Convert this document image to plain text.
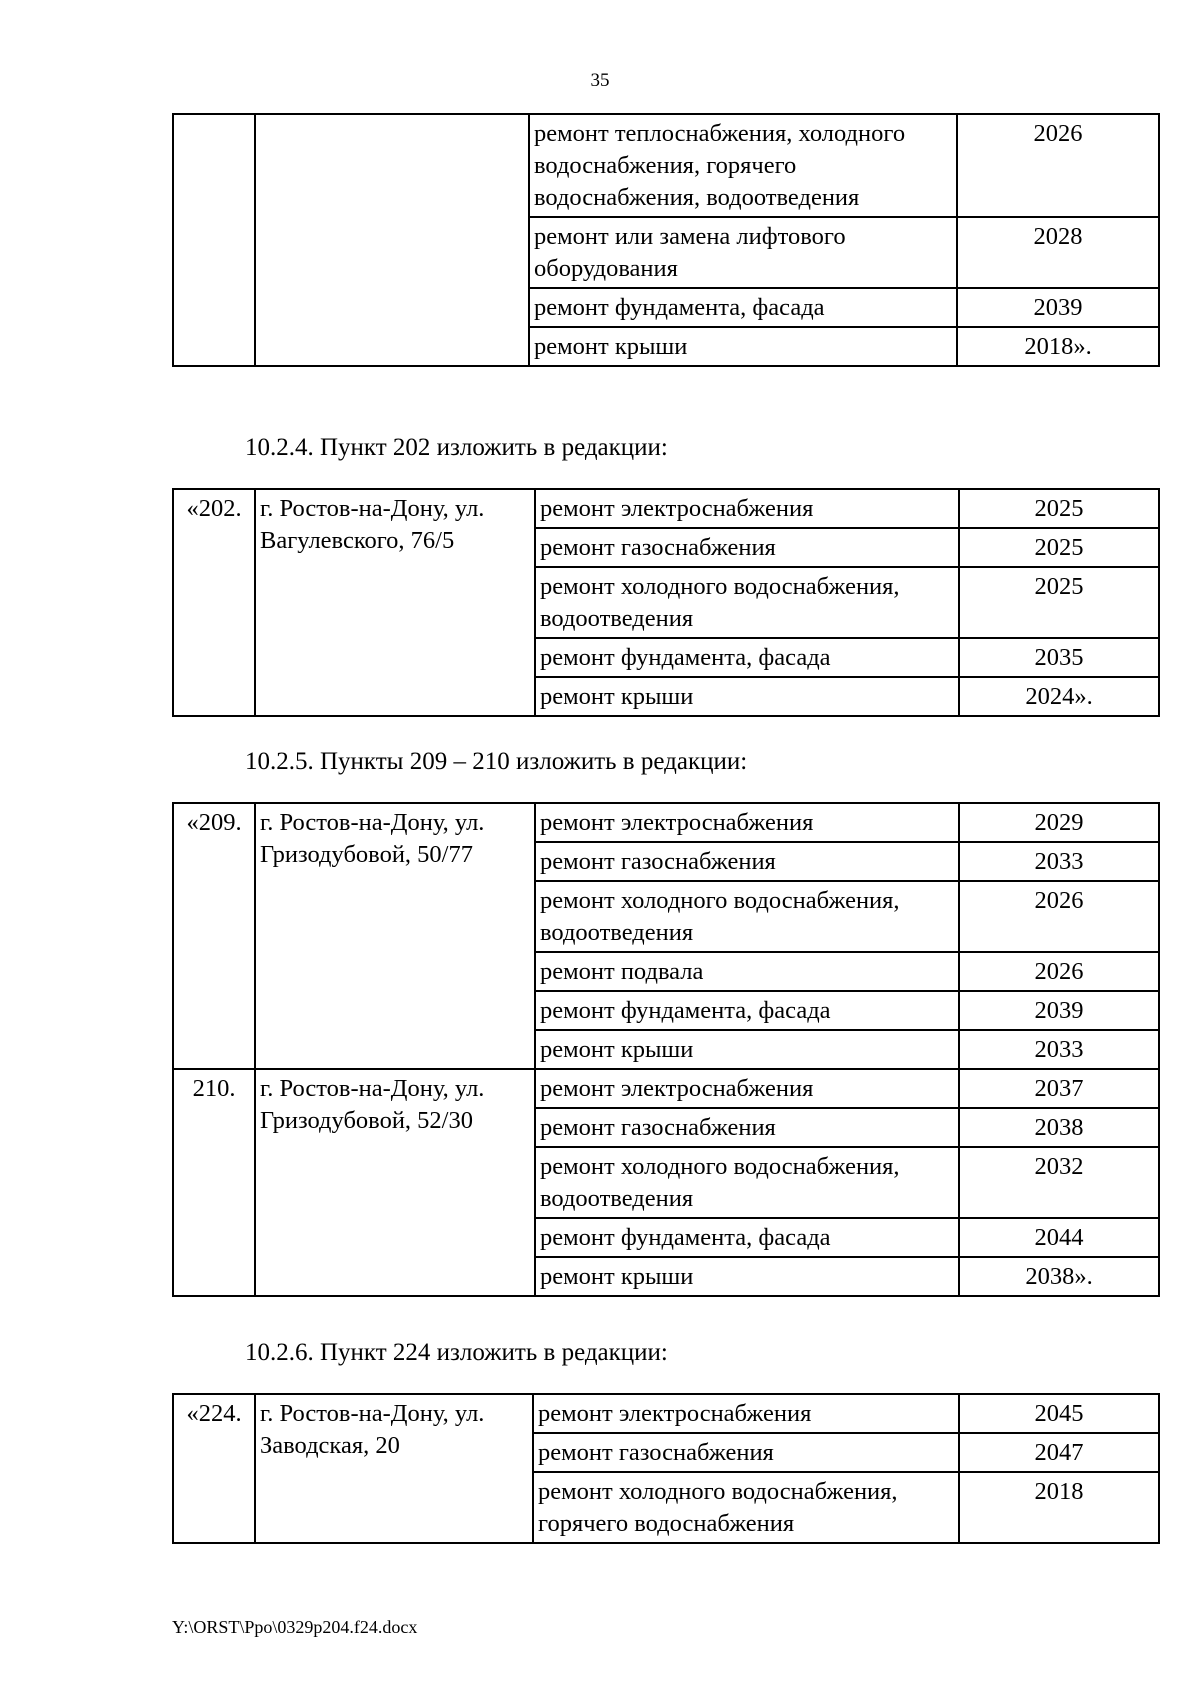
35
		ремонт теплоснабжения, холодного водоснабжения, горячего водоснабжения, водоотведения	2026
		ремонт или замена лифтового оборудования	2028
		ремонт фундамента, фасада	2039
		ремонт крыши	2018».
10.2.4. Пункт 202 изложить в редакции:
«202.	г. Ростов-на-Дону, ул. Вагулевского, 76/5	ремонт электроснабжения	2025
		ремонт газоснабжения	2025
		ремонт холодного водоснабжения, водоотведения	2025
		ремонт фундамента, фасада	2035
		ремонт крыши	2024».
10.2.5. Пункты 209 – 210 изложить в редакции:
«209.	г. Ростов-на-Дону, ул. Гризодубовой, 50/77	ремонт электроснабжения	2029
		ремонт газоснабжения	2033
		ремонт холодного водоснабжения, водоотведения	2026
		ремонт подвала	2026
		ремонт фундамента, фасада	2039
		ремонт крыши	2033
210.	г. Ростов-на-Дону, ул. Гризодубовой, 52/30	ремонт электроснабжения	2037
		ремонт газоснабжения	2038
		ремонт холодного водоснабжения, водоотведения	2032
		ремонт фундамента, фасада	2044
		ремонт крыши	2038».
10.2.6. Пункт 224 изложить в редакции:
«224.	г. Ростов-на-Дону, ул. Заводская, 20	ремонт электроснабжения	2045
		ремонт газоснабжения	2047
		ремонт холодного водоснабжения, горячего водоснабжения	2018
Y:\ORST\Ppo\0329p204.f24.docx
